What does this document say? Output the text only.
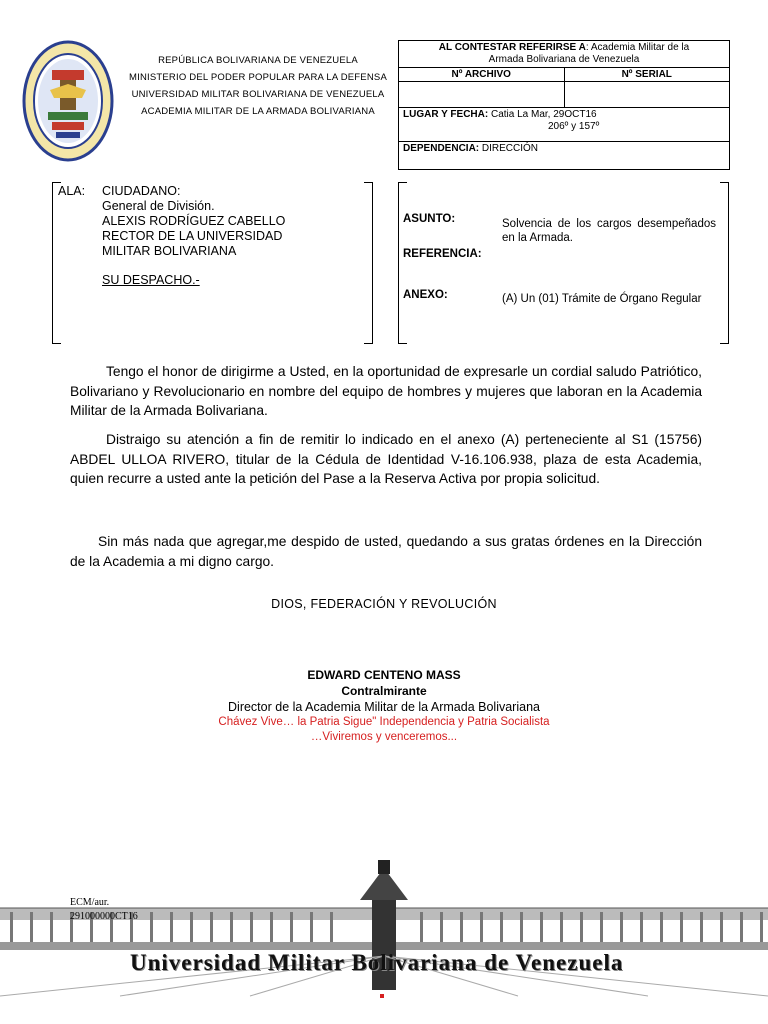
REPÚBLICA BOLIVARIANA DE VENEZUELA
MINISTERIO DEL PODER POPULAR PARA LA DEFENSA
UNIVERSIDAD MILITAR BOLIVARIANA DE VENEZUELA
ACADEMIA MILITAR DE LA ARMADA BOLIVARIANA
AL CONTESTAR REFERIRSE A: Academia Militar de la
Armada Bolivariana de Venezuela	
Nº ARCHIVO	Nº SERIAL

LUGAR Y FECHA: Catia La Mar, 29OCT16
206º y 157º	
DEPENDENCIA: DIRECCIÓN	
ALA: CIUDADANO:
General de División.
ALEXIS RODRÍGUEZ CABELLO
RECTOR DE LA UNIVERSIDAD
MILITAR BOLIVARIANA
SU DESPACHO.-
ASUNTO:	Solvencia de los cargos desempeñados en la Armada.
REFERENCIA:
ANEXO:	(A) Un (01) Trámite de Órgano Regular

Tengo el honor de dirigirme a Usted, en la oportunidad de expresarle un cordial saludo Patriótico, Bolivariano y Revolucionario en nombre del equipo de hombres y mujeres que laboran en la Academia Militar de la Armada Bolivariana.

Distraigo su atención a fin de remitir lo indicado en el anexo (A) perteneciente al S1 (15756) ABDEL ULLOA RIVERO, titular de la Cédula de Identidad V-16.106.938, plaza de esta Academia, quien recurre a usted ante la petición del Pase a la Reserva Activa por propia solicitud.

Sin más nada que agregar,me despido de usted, quedando a sus gratas órdenes en la Dirección de la Academia a mi digno cargo.

DIOS, FEDERACIÓN Y REVOLUCIÓN
EDWARD CENTENO MASS
Contralmirante
Director de la Academia Militar de la Armada Bolivariana
Chávez Vive… la Patria Sigue" Independencia y Patria Socialista
…Viviremos y venceremos...
ECM/aur.
291000000CT16
Universidad Militar Bolivariana de Venezuela
